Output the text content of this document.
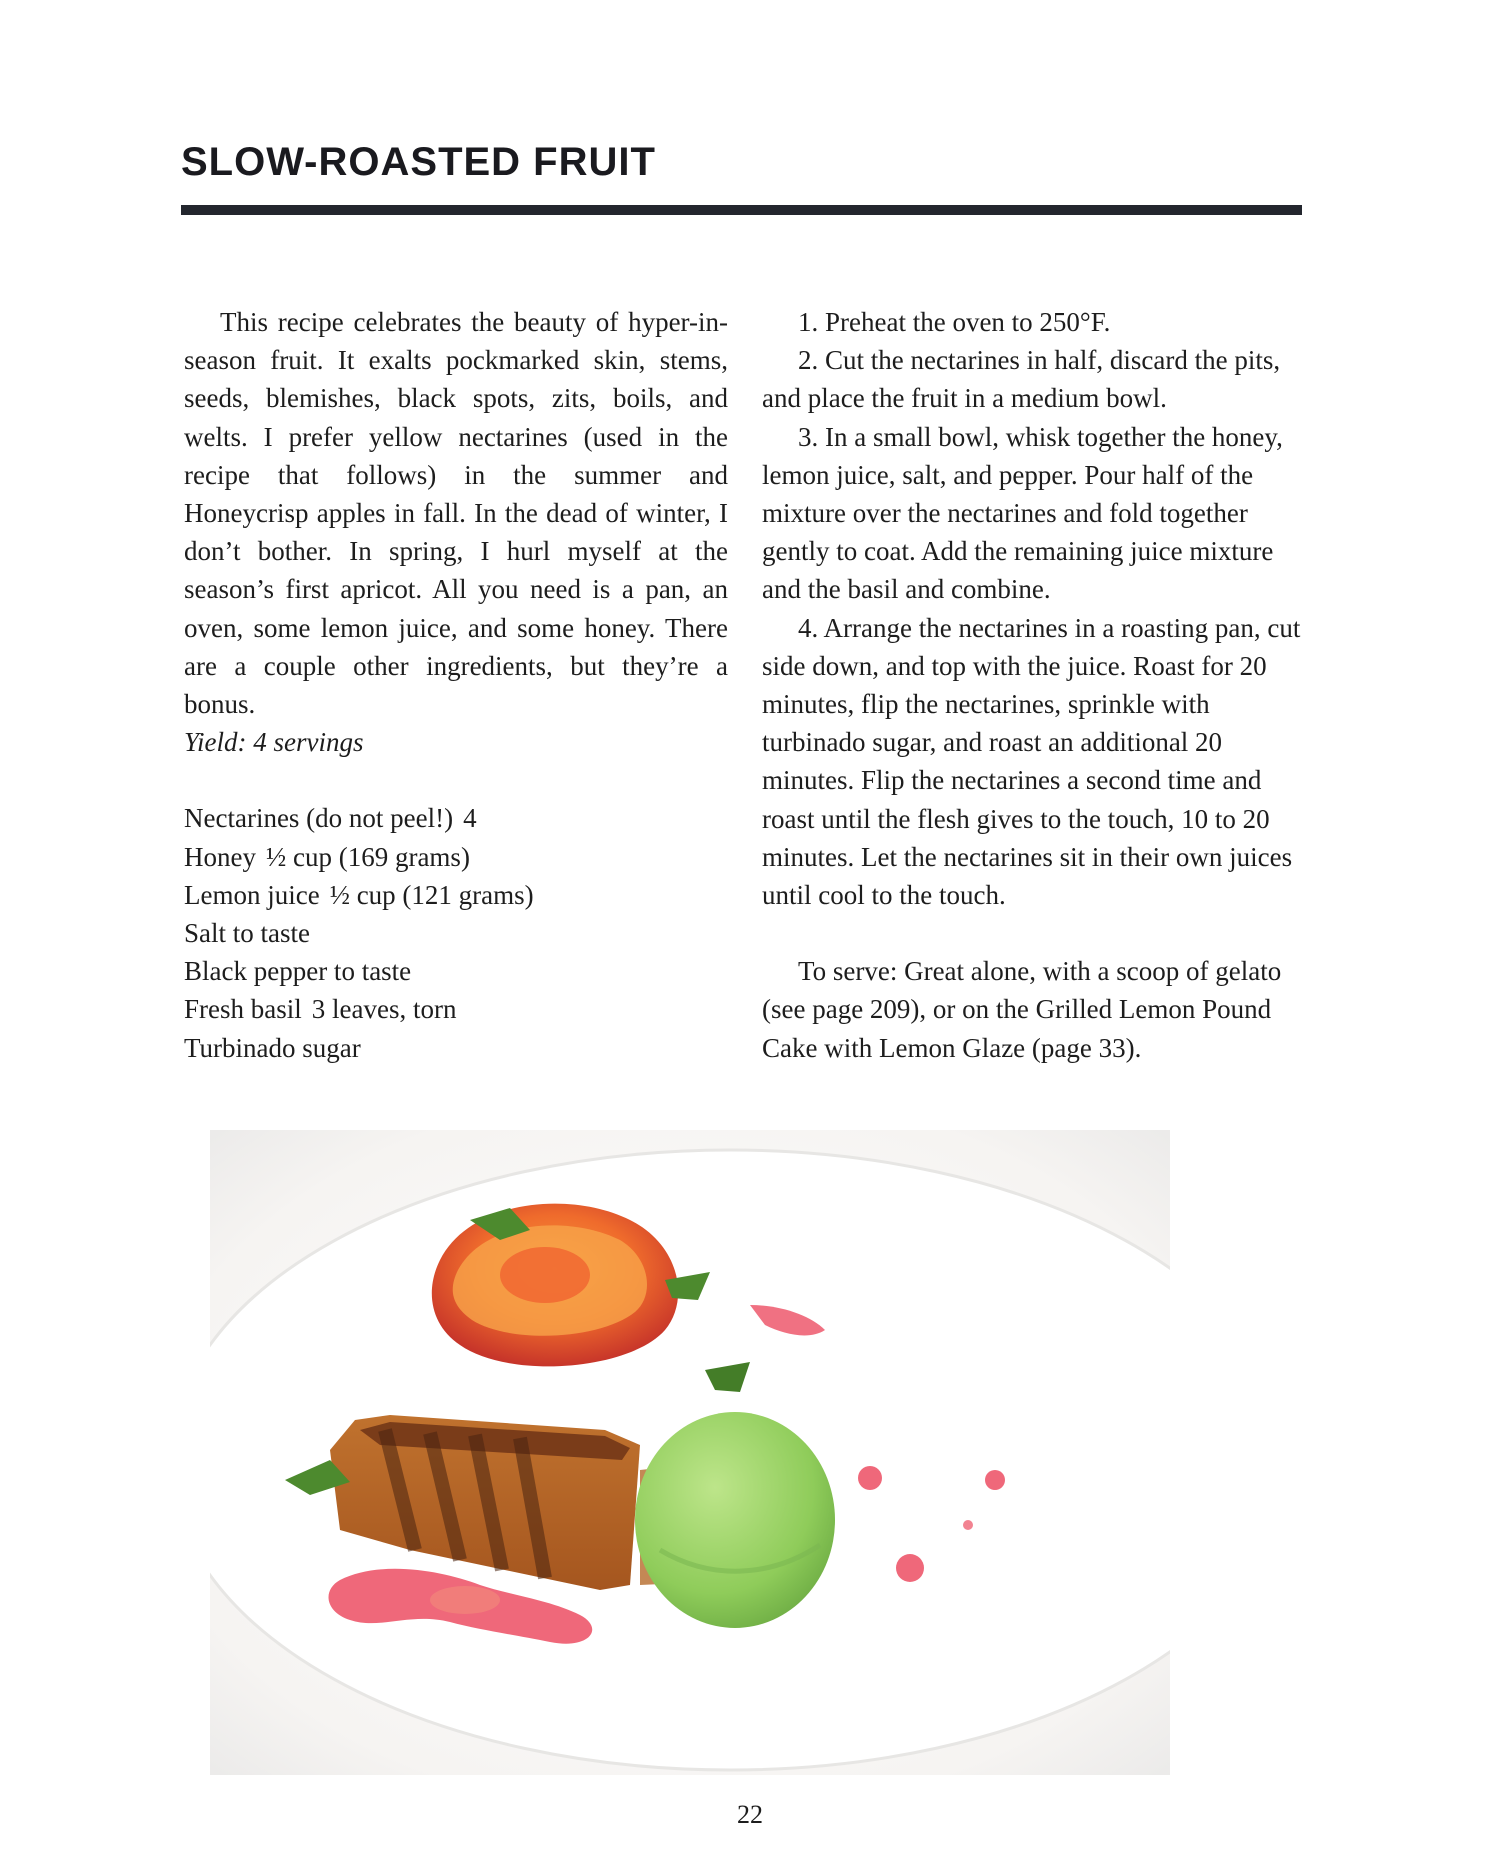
SLOW-ROASTED FRUIT

This recipe celebrates the beauty of hyper-in-season fruit. It exalts pockmarked skin, stems, seeds, blemishes, black spots, zits, boils, and welts. I prefer yellow nectarines (used in the recipe that follows) in the summer and Honeycrisp apples in fall. In the dead of winter, I don’t bother. In spring, I hurl myself at the season’s first apricot. All you need is a pan, an oven, some lemon juice, and some honey. There are a couple other ingredients, but they’re a bonus.

Yield: 4 servings

Nectarines (do not peel!) 4
Honey ½ cup (169 grams)
Lemon juice ½ cup (121 grams)
Salt to taste
Black pepper to taste
Fresh basil 3 leaves, torn
Turbinado sugar
1. Preheat the oven to 250°F.
2. Cut the nectarines in half, discard the pits, and place the fruit in a medium bowl.
3. In a small bowl, whisk together the honey, lemon juice, salt, and pepper. Pour half of the mixture over the nectarines and fold together gently to coat. Add the remaining juice mixture and the basil and combine.
4. Arrange the nectarines in a roasting pan, cut side down, and top with the juice. Roast for 20 minutes, flip the nectarines, sprinkle with turbinado sugar, and roast an additional 20 minutes. Flip the nectarines a second time and roast until the flesh gives to the touch, 10 to 20 minutes. Let the nectarines sit in their own juices until cool to the touch.

To serve: Great alone, with a scoop of gelato (see page 209), or on the Grilled Lemon Pound Cake with Lemon Glaze (page 33).

22
